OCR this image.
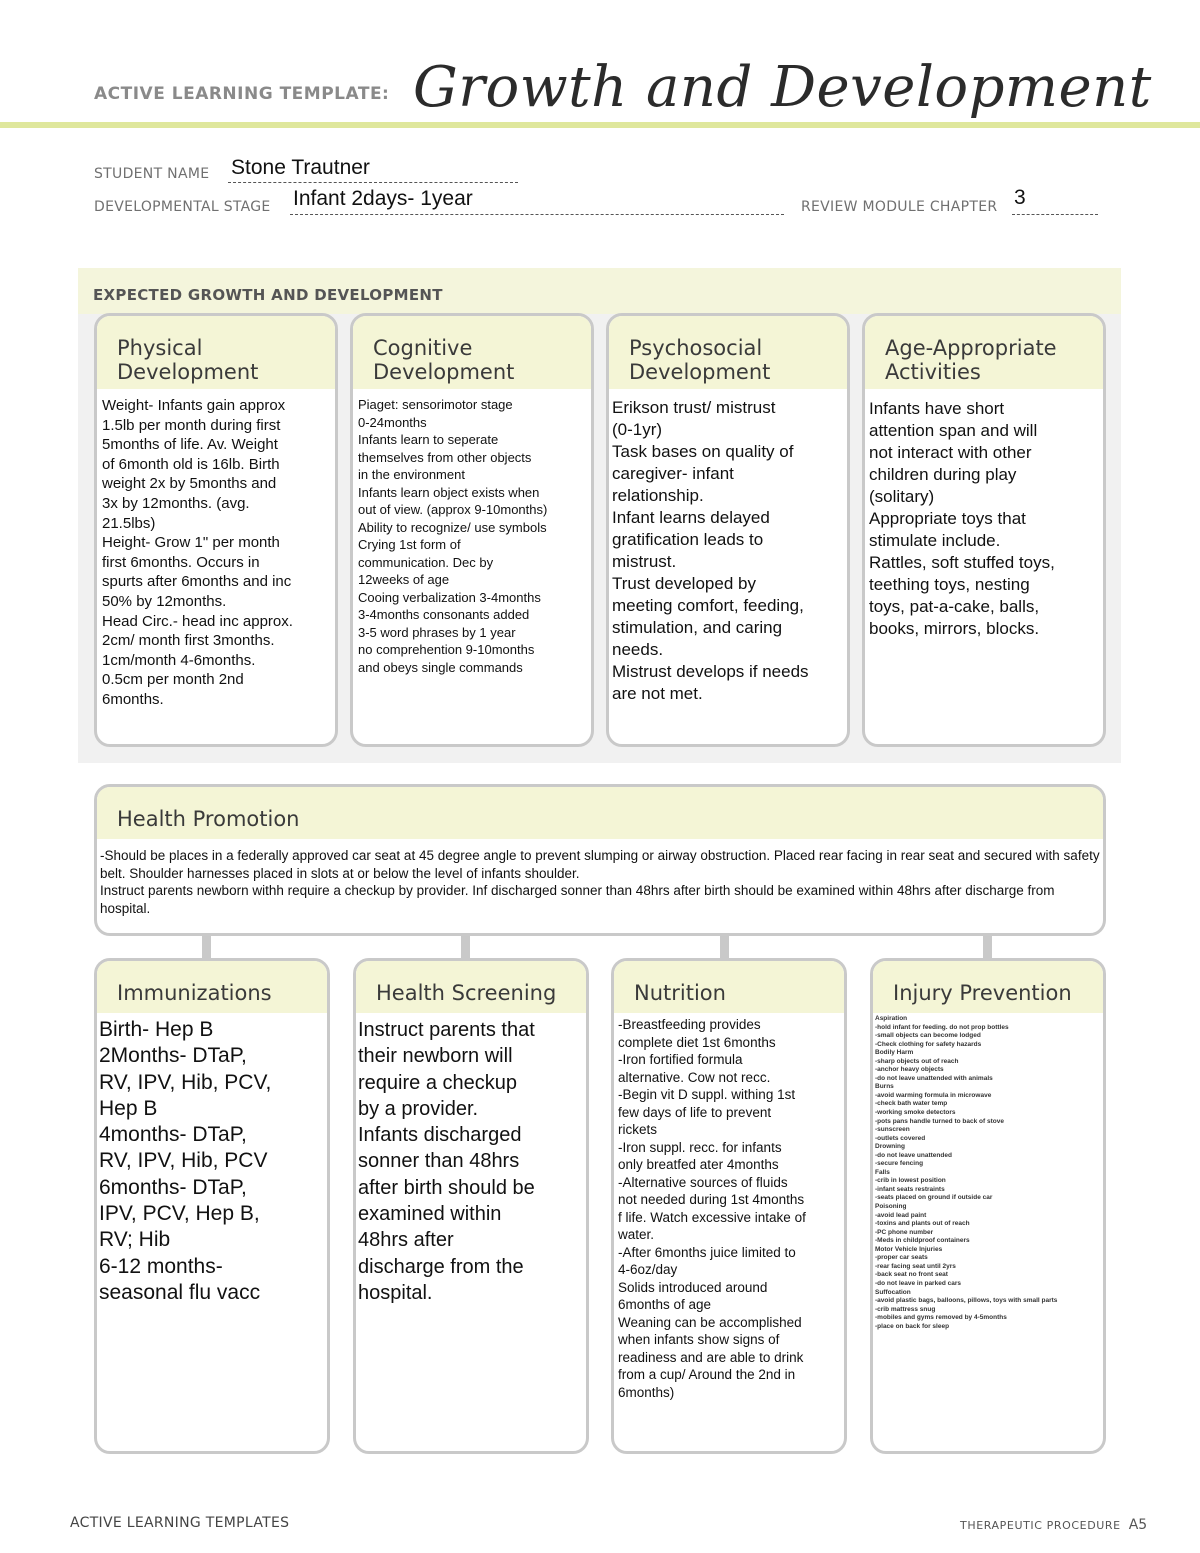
ACTIVE LEARNING TEMPLATE: Growth and Development
STUDENT NAME Stone Trautner
DEVELOPMENTAL STAGE Infant 2days- 1year	REVIEW MODULE CHAPTER 3
EXPECTED GROWTH AND DEVELOPMENT
Physical
Development
Weight- Infants gain approx
1.5lb per month during first
5months of life. Av. Weight
of 6month old is 16lb. Birth
weight 2x by 5months and
3x by 12months. (avg.
21.5lbs)
Height- Grow 1" per month
first 6months. Occurs in
spurts after 6months and inc
50% by 12months.
Head Circ.- head inc approx.
2cm/ month first 3months.
1cm/month 4-6months.
0.5cm per month 2nd
6months.
Cognitive
Development
Piaget: sensorimotor stage
0-24months
Infants learn to seperate
themselves from other objects
in the environment
Infants learn object exists when
out of view. (approx 9-10months)
Ability to recognize/ use symbols
Crying 1st form of
communication. Dec by
12weeks of age
Cooing verbalization 3-4months
3-4months consonants added
3-5 word phrases by 1 year
no comprehention 9-10months
and obeys single commands
Psychosocial
Development
Erikson trust/ mistrust
(0-1yr)
Task bases on quality of
caregiver- infant
relationship.
Infant learns delayed
gratification leads to
mistrust.
Trust developed by
meeting comfort, feeding,
stimulation, and caring
needs.
Mistrust develops if needs
are not met.
Age-Appropriate
Activities
Infants have short
attention span and will
not interact with other
children during play
(solitary)
Appropriate toys that
stimulate include.
Rattles, soft stuffed toys,
teething toys, nesting
toys, pat-a-cake, balls,
books, mirrors, blocks.
Health Promotion
-Should be places in a federally approved car seat at 45 degree angle to prevent slumping or airway obstruction. Placed rear facing in rear seat and secured with safety belt. Shoulder harnesses placed in slots at or below the level of infants shoulder.
Instruct parents newborn withh require a checkup by provider. Inf discharged sonner than 48hrs after birth should be examined within 48hrs after discharge from hospital.
Immunizations
Birth- Hep B
2Months- DTaP,
RV, IPV, Hib, PCV,
Hep B
4months- DTaP,
RV, IPV, Hib, PCV
6months- DTaP,
IPV, PCV, Hep B,
RV; Hib
6-12 months-
seasonal flu vacc
Health Screening
Instruct parents that
their newborn will
require a checkup
by a provider.
Infants discharged
sonner than 48hrs
after birth should be
examined within
48hrs after
discharge from the
hospital.
Nutrition
-Breastfeeding provides
complete diet 1st 6months
-Iron fortified formula
alternative. Cow not recc.
-Begin vit D suppl. withing 1st
few days of life to prevent
rickets
-Iron suppl. recc. for infants
only breatfed ater 4months
-Alternative sources of fluids
not needed during 1st 4months
f life. Watch excessive intake of
water.
-After 6months juice limited to
4-6oz/day
Solids introduced around
6months of age
Weaning can be accomplished
when infants show signs of
readiness and are able to drink
from a cup/ Around the 2nd in
6months)
Injury Prevention
Aspiration
-hold infant for feeding. do not prop bottles
-small objects can become lodged
-Check clothing for safety hazards
Bodily Harm
-sharp objects out of reach
-anchor heavy objects
-do not leave unattended with animals
Burns
-avoid warming formula in microwave
-check bath water temp
-working smoke detectors
-pots pans handle turned to back of stove
-sunscreen
-outlets covered
Drowning
-do not leave unattended
-secure fencing
Falls
-crib in lowest position
-infant seats restraints
-seats placed on ground if outside car
Poisoning
-avoid lead paint
-toxins and plants out of reach
-PC phone number
-Meds in childproof containers
Motor Vehicle Injuries
-proper car seats
-rear facing seat until 2yrs
-back seat no front seat
-do not leave in parked cars
Suffocation
-avoid plastic bags, balloons, pillows, toys with small parts
-crib mattress snug
-mobiles and gyms removed by 4-5months
-place on back for sleep
ACTIVE LEARNING TEMPLATES	THERAPEUTIC PROCEDURE A5
